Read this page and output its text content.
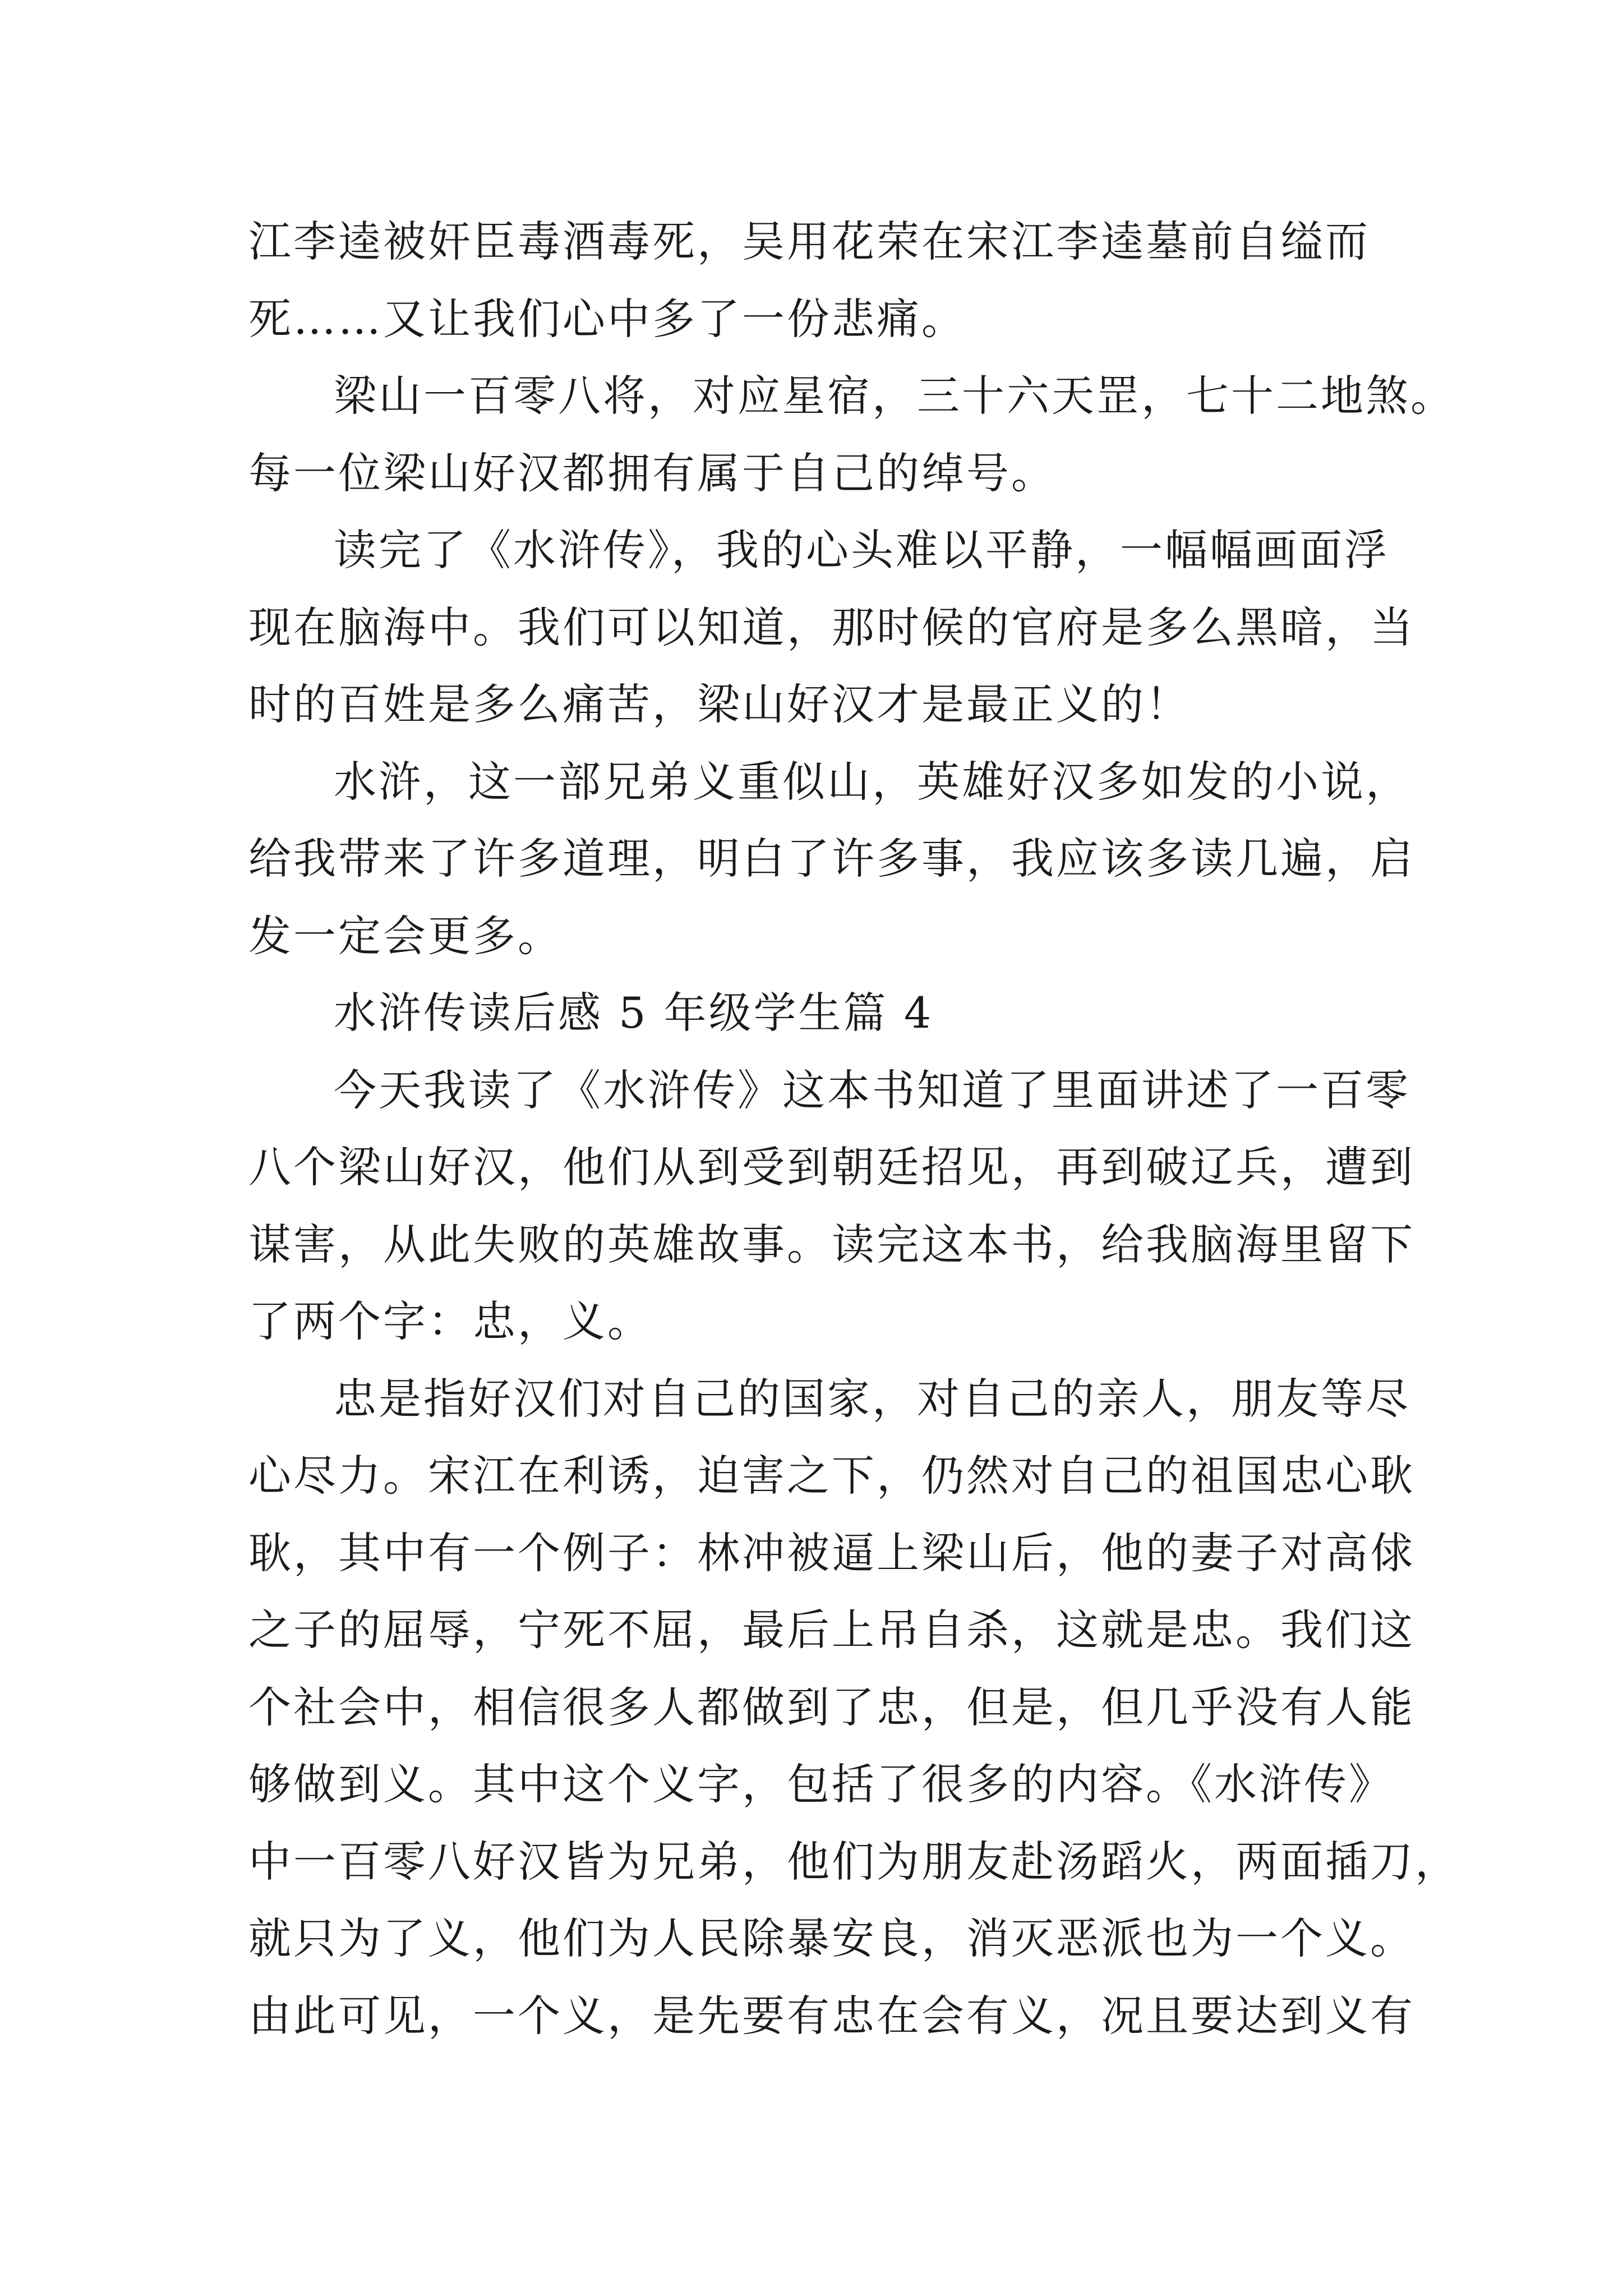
江李逵被奸臣毒酒毒死，吴用花荣在宋江李逵墓前自缢而
死……又让我们心中多了一份悲痛。
梁山一百零八将，对应星宿，三十六天罡，七十二地煞。
每一位梁山好汉都拥有属于自己的绰号。
读完了《水浒传》，我的心头难以平静，一幅幅画面浮
现在脑海中。我们可以知道，那时候的官府是多么黑暗，当
时的百姓是多么痛苦，梁山好汉才是最正义的！
水浒，这一部兄弟义重似山，英雄好汉多如发的小说，
给我带来了许多道理，明白了许多事，我应该多读几遍，启
发一定会更多。
水浒传读后感 5 年级学生篇 4
今天我读了《水浒传》这本书知道了里面讲述了一百零
八个梁山好汉，他们从到受到朝廷招见，再到破辽兵，遭到
谋害，从此失败的英雄故事。读完这本书，给我脑海里留下
了两个字：忠，义。
忠是指好汉们对自己的国家，对自己的亲人，朋友等尽
心尽力。宋江在利诱，迫害之下，仍然对自己的祖国忠心耿
耿，其中有一个例子：林冲被逼上梁山后，他的妻子对高俅
之子的屈辱，宁死不屈，最后上吊自杀，这就是忠。我们这
个社会中，相信很多人都做到了忠，但是，但几乎没有人能
够做到义。其中这个义字，包括了很多的内容。《水浒传》
中一百零八好汉皆为兄弟，他们为朋友赴汤蹈火，两面插刀，
就只为了义，他们为人民除暴安良，消灭恶派也为一个义。
由此可见，一个义，是先要有忠在会有义，况且要达到义有
